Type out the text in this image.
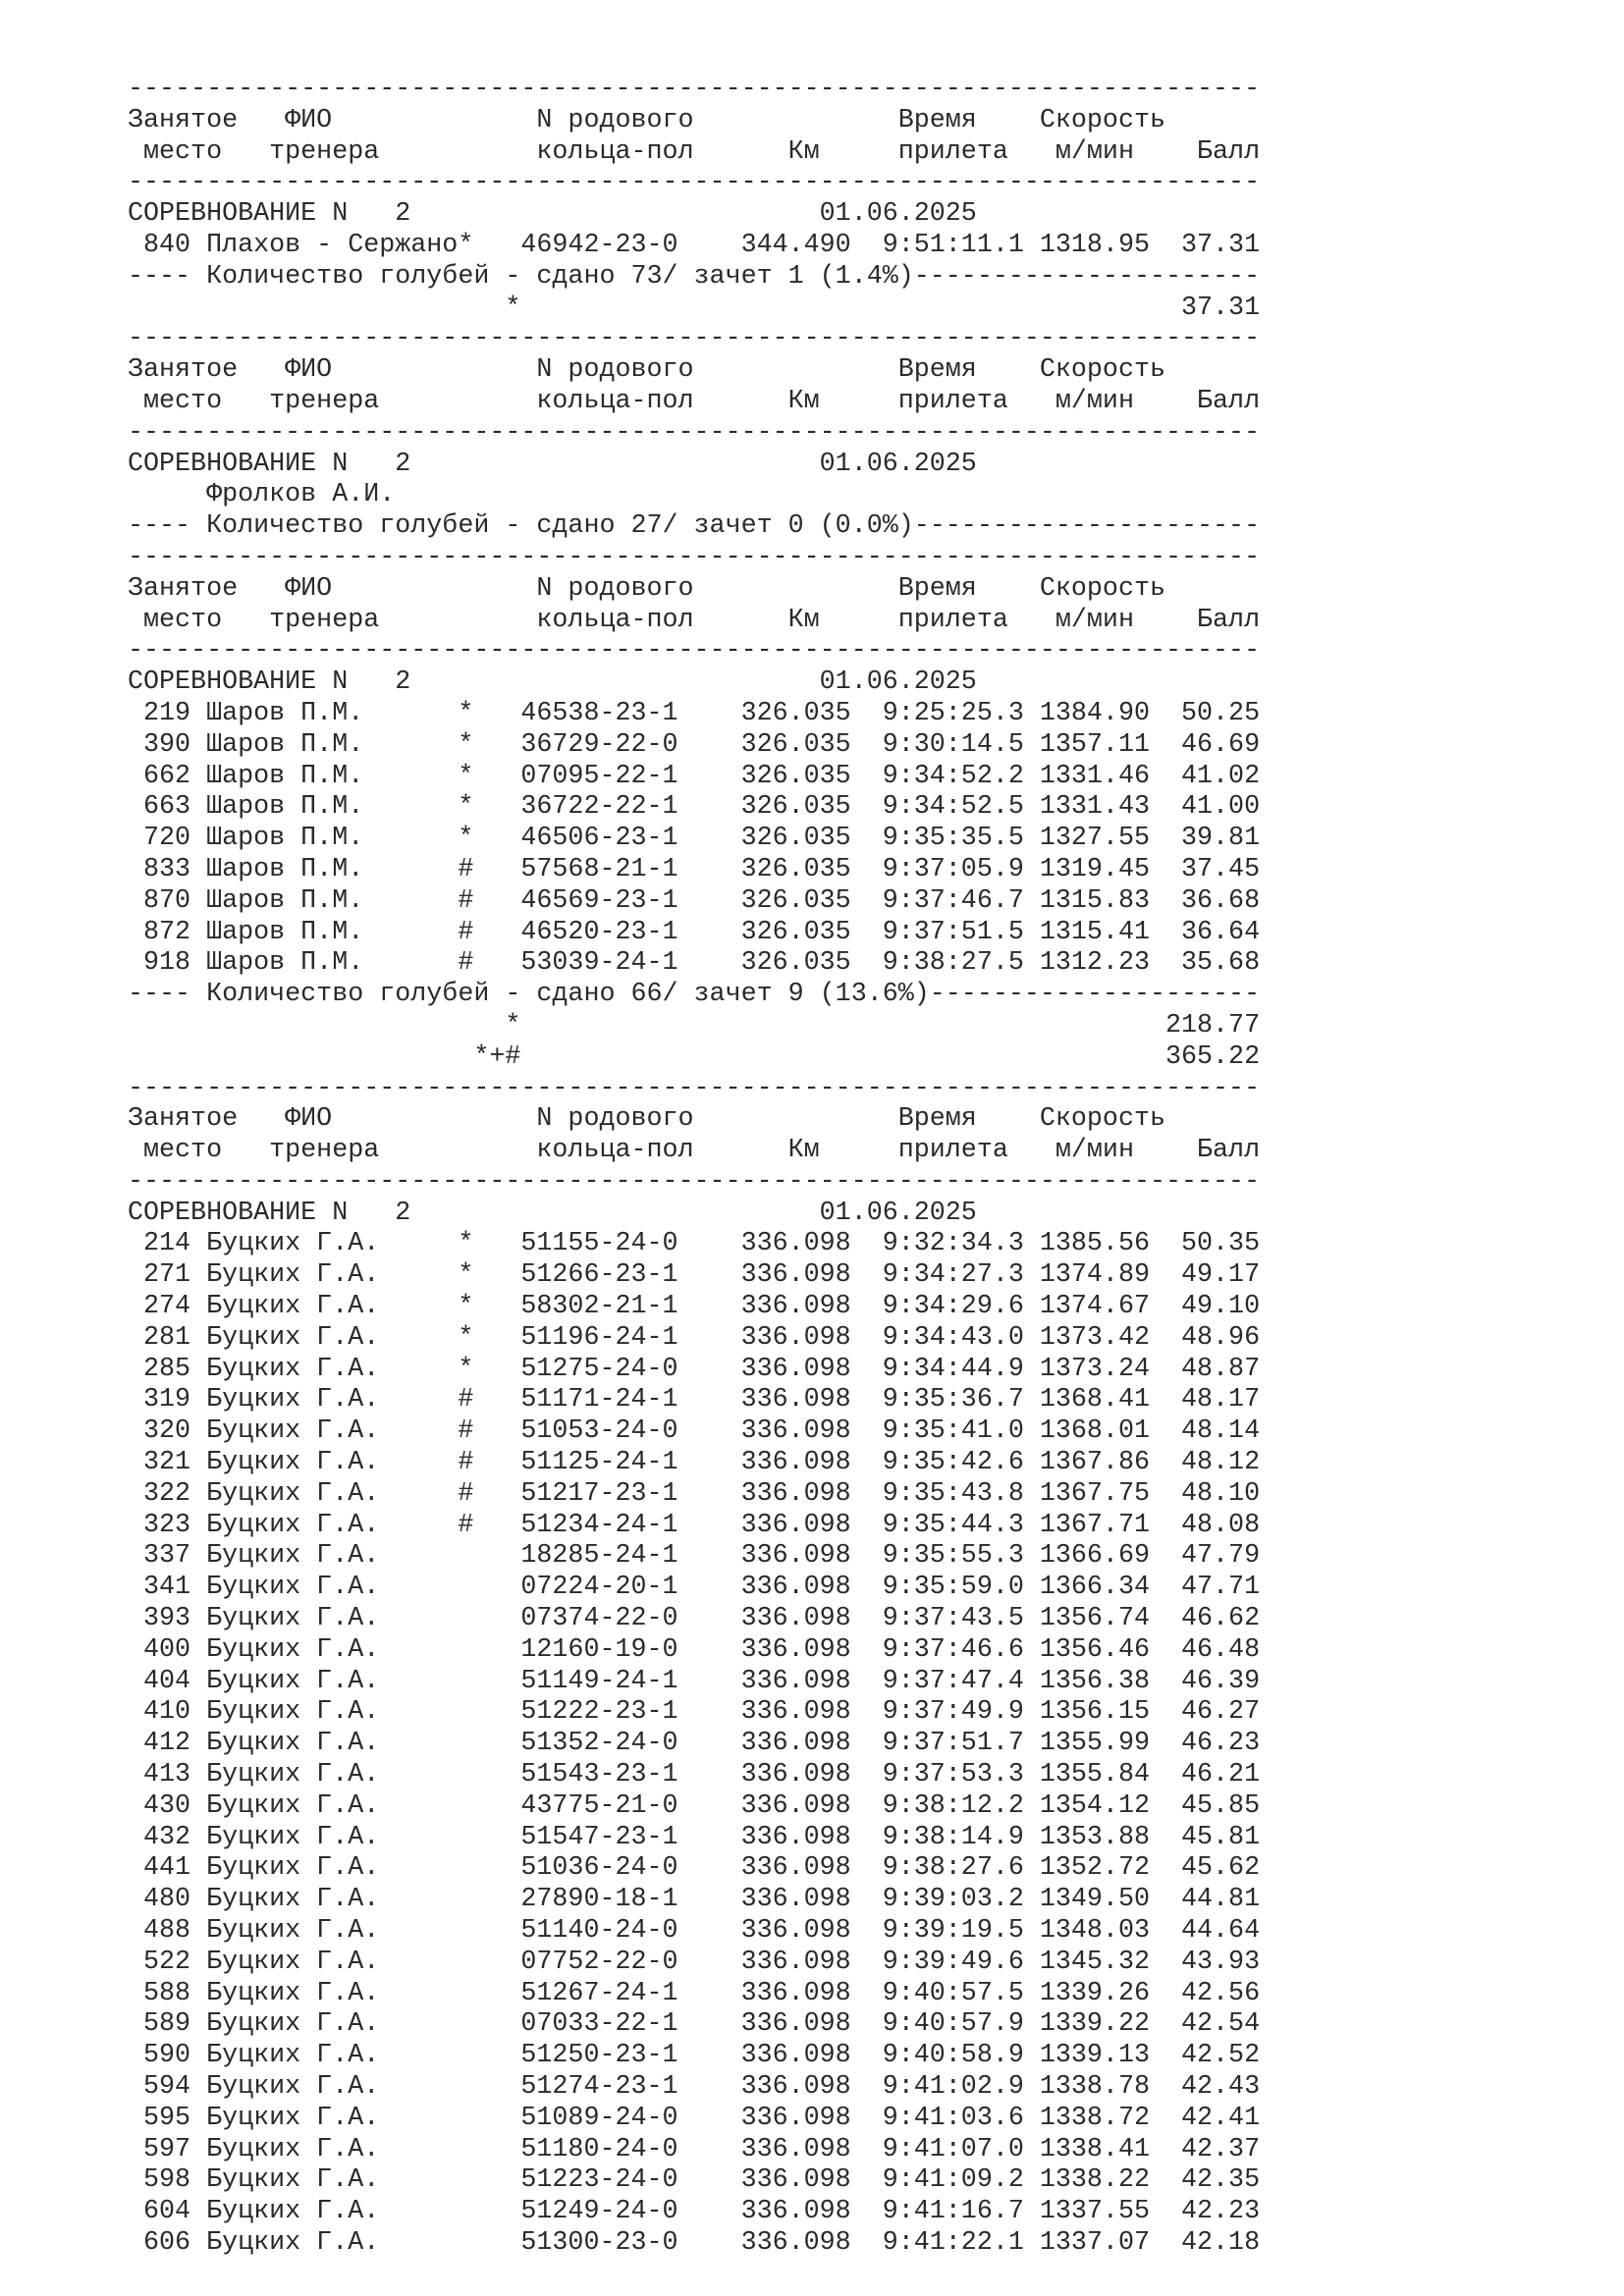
------------------------------------------------------------------------
Занятое   ФИО             N родового             Время    Скорость
место   тренера          кольца-пол      Км     прилета   м/мин    Балл
------------------------------------------------------------------------
СОРЕВНОВАНИЕ N   2                          01.06.2025
840 Плахов - Сержано*   46942-23-0    344.490  9:51:11.1 1318.95  37.31
---- Количество голубей - сдано 73/ зачет 1 (1.4%)----------------------
*                                          37.31
------------------------------------------------------------------------
Занятое   ФИО             N родового             Время    Скорость
место   тренера          кольца-пол      Км     прилета   м/мин    Балл
------------------------------------------------------------------------
СОРЕВНОВАНИЕ N   2                          01.06.2025
Фролков А.И.
---- Количество голубей - сдано 27/ зачет 0 (0.0%)----------------------
------------------------------------------------------------------------
Занятое   ФИО             N родового             Время    Скорость
место   тренера          кольца-пол      Км     прилета   м/мин    Балл
------------------------------------------------------------------------
СОРЕВНОВАНИЕ N   2                          01.06.2025
219 Шаров П.М.      *   46538-23-1    326.035  9:25:25.3 1384.90  50.25
390 Шаров П.М.      *   36729-22-0    326.035  9:30:14.5 1357.11  46.69
662 Шаров П.М.      *   07095-22-1    326.035  9:34:52.2 1331.46  41.02
663 Шаров П.М.      *   36722-22-1    326.035  9:34:52.5 1331.43  41.00
720 Шаров П.М.      *   46506-23-1    326.035  9:35:35.5 1327.55  39.81
833 Шаров П.М.      #   57568-21-1    326.035  9:37:05.9 1319.45  37.45
870 Шаров П.М.      #   46569-23-1    326.035  9:37:46.7 1315.83  36.68
872 Шаров П.М.      #   46520-23-1    326.035  9:37:51.5 1315.41  36.64
918 Шаров П.М.      #   53039-24-1    326.035  9:38:27.5 1312.23  35.68
---- Количество голубей - сдано 66/ зачет 9 (13.6%)---------------------
*                                         218.77
*+#                                         365.22
------------------------------------------------------------------------
Занятое   ФИО             N родового             Время    Скорость
место   тренера          кольца-пол      Км     прилета   м/мин    Балл
------------------------------------------------------------------------
СОРЕВНОВАНИЕ N   2                          01.06.2025
214 Буцких Г.А.     *   51155-24-0    336.098  9:32:34.3 1385.56  50.35
271 Буцких Г.А.     *   51266-23-1    336.098  9:34:27.3 1374.89  49.17
274 Буцких Г.А.     *   58302-21-1    336.098  9:34:29.6 1374.67  49.10
281 Буцких Г.А.     *   51196-24-1    336.098  9:34:43.0 1373.42  48.96
285 Буцких Г.А.     *   51275-24-0    336.098  9:34:44.9 1373.24  48.87
319 Буцких Г.А.     #   51171-24-1    336.098  9:35:36.7 1368.41  48.17
320 Буцких Г.А.     #   51053-24-0    336.098  9:35:41.0 1368.01  48.14
321 Буцких Г.А.     #   51125-24-1    336.098  9:35:42.6 1367.86  48.12
322 Буцких Г.А.     #   51217-23-1    336.098  9:35:43.8 1367.75  48.10
323 Буцких Г.А.     #   51234-24-1    336.098  9:35:44.3 1367.71  48.08
337 Буцких Г.А.         18285-24-1    336.098  9:35:55.3 1366.69  47.79
341 Буцких Г.А.         07224-20-1    336.098  9:35:59.0 1366.34  47.71
393 Буцких Г.А.         07374-22-0    336.098  9:37:43.5 1356.74  46.62
400 Буцких Г.А.         12160-19-0    336.098  9:37:46.6 1356.46  46.48
404 Буцких Г.А.         51149-24-1    336.098  9:37:47.4 1356.38  46.39
410 Буцких Г.А.         51222-23-1    336.098  9:37:49.9 1356.15  46.27
412 Буцких Г.А.         51352-24-0    336.098  9:37:51.7 1355.99  46.23
413 Буцких Г.А.         51543-23-1    336.098  9:37:53.3 1355.84  46.21
430 Буцких Г.А.         43775-21-0    336.098  9:38:12.2 1354.12  45.85
432 Буцких Г.А.         51547-23-1    336.098  9:38:14.9 1353.88  45.81
441 Буцких Г.А.         51036-24-0    336.098  9:38:27.6 1352.72  45.62
480 Буцких Г.А.         27890-18-1    336.098  9:39:03.2 1349.50  44.81
488 Буцких Г.А.         51140-24-0    336.098  9:39:19.5 1348.03  44.64
522 Буцких Г.А.         07752-22-0    336.098  9:39:49.6 1345.32  43.93
588 Буцких Г.А.         51267-24-1    336.098  9:40:57.5 1339.26  42.56
589 Буцких Г.А.         07033-22-1    336.098  9:40:57.9 1339.22  42.54
590 Буцких Г.А.         51250-23-1    336.098  9:40:58.9 1339.13  42.52
594 Буцких Г.А.         51274-23-1    336.098  9:41:02.9 1338.78  42.43
595 Буцких Г.А.         51089-24-0    336.098  9:41:03.6 1338.72  42.41
597 Буцких Г.А.         51180-24-0    336.098  9:41:07.0 1338.41  42.37
598 Буцких Г.А.         51223-24-0    336.098  9:41:09.2 1338.22  42.35
604 Буцких Г.А.         51249-24-0    336.098  9:41:16.7 1337.55  42.23
606 Буцких Г.А.         51300-23-0    336.098  9:41:22.1 1337.07  42.18
